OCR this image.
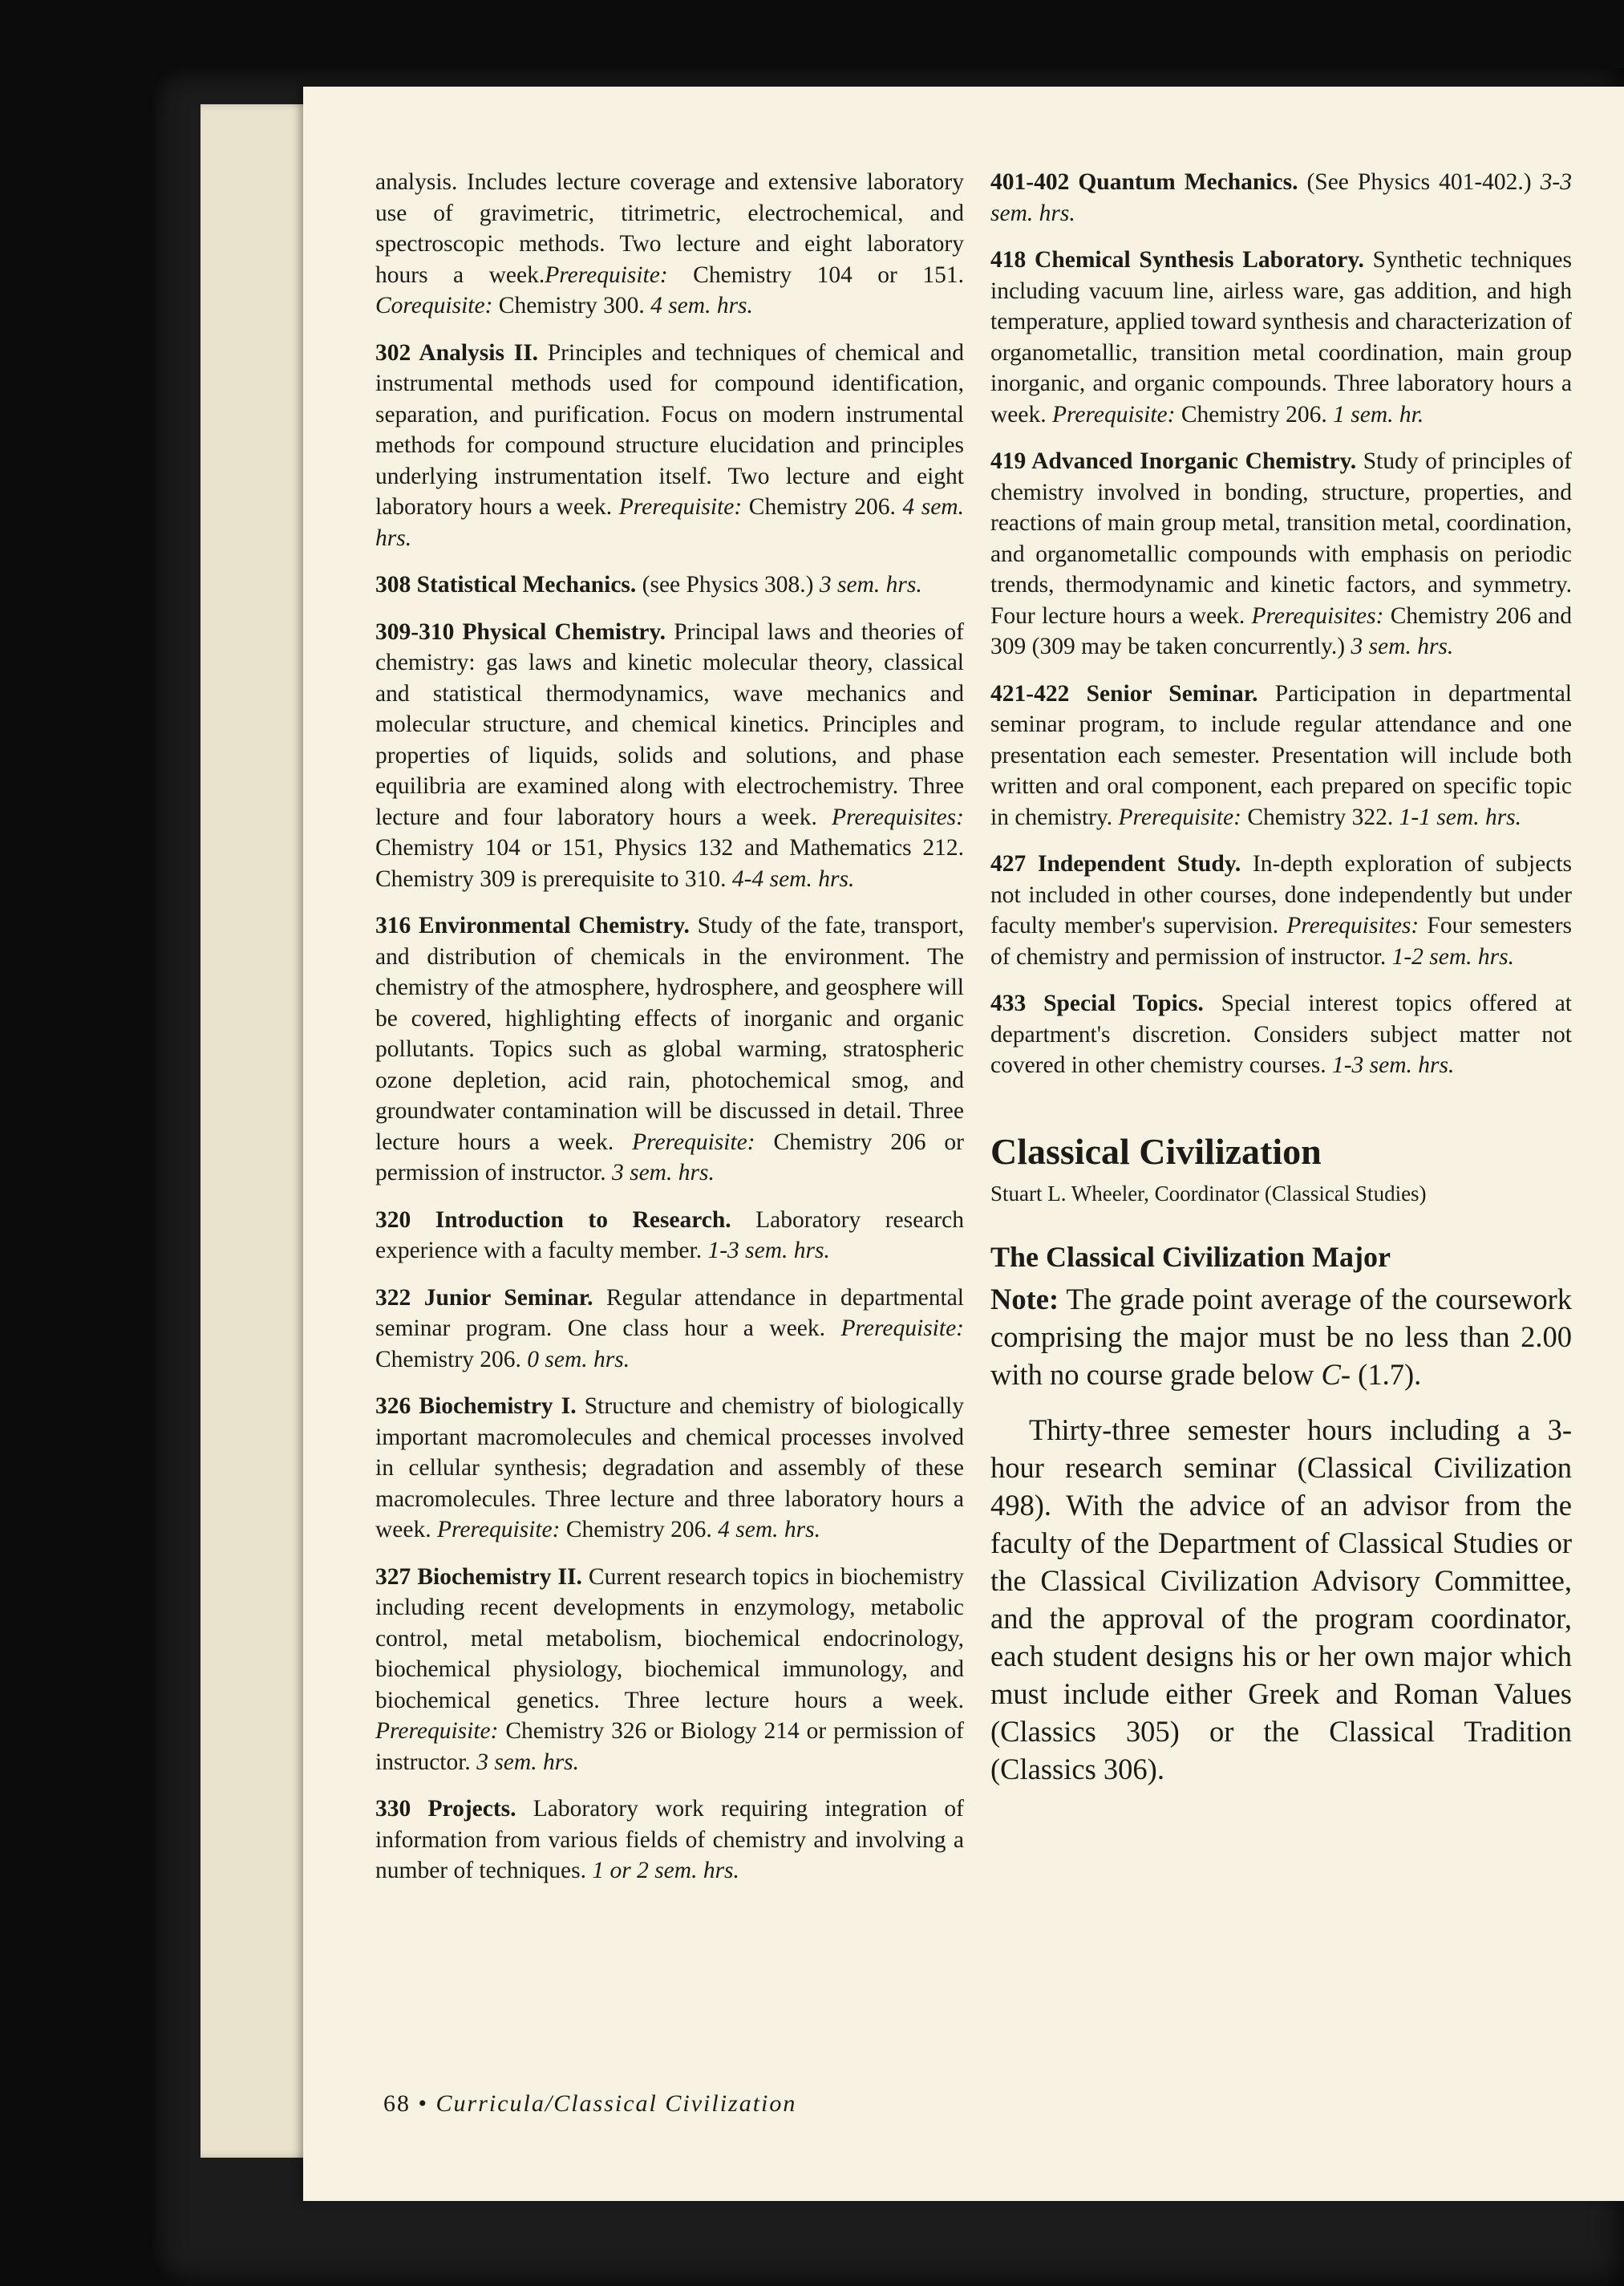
analysis. Includes lecture coverage and extensive laboratory use of gravimetric, titrimetric, electrochemical, and spectroscopic methods. Two lecture and eight laboratory hours a week.Prerequisite: Chemistry 104 or 151. Corequisite: Chemistry 300. 4 sem. hrs.

302 Analysis II. Principles and techniques of chemical and instrumental methods used for compound identification, separation, and purification. Focus on modern instrumental methods for compound structure elucidation and principles underlying instrumentation itself. Two lecture and eight laboratory hours a week. Prerequisite: Chemistry 206. 4 sem. hrs.

308 Statistical Mechanics. (see Physics 308.) 3 sem. hrs.

309-310 Physical Chemistry. Principal laws and theories of chemistry: gas laws and kinetic molecular theory, classical and statistical thermodynamics, wave mechanics and molecular structure, and chemical kinetics. Principles and properties of liquids, solids and solutions, and phase equilibria are examined along with electrochemistry. Three lecture and four laboratory hours a week. Prerequisites: Chemistry 104 or 151, Physics 132 and Mathematics 212. Chemistry 309 is prerequisite to 310. 4-4 sem. hrs.

316 Environmental Chemistry. Study of the fate, transport, and distribution of chemicals in the environment. The chemistry of the atmosphere, hydrosphere, and geosphere will be covered, highlighting effects of inorganic and organic pollutants. Topics such as global warming, stratospheric ozone depletion, acid rain, photochemical smog, and groundwater contamination will be discussed in detail. Three lecture hours a week. Prerequisite: Chemistry 206 or permission of instructor. 3 sem. hrs.

320 Introduction to Research. Laboratory research experience with a faculty member. 1-3 sem. hrs.

322 Junior Seminar. Regular attendance in departmental seminar program. One class hour a week. Prerequisite: Chemistry 206. 0 sem. hrs.

326 Biochemistry I. Structure and chemistry of biologically important macromolecules and chemical processes involved in cellular synthesis; degradation and assembly of these macromolecules. Three lecture and three laboratory hours a week. Prerequisite: Chemistry 206. 4 sem. hrs.

327 Biochemistry II. Current research topics in biochemistry including recent developments in enzymology, metabolic control, metal metabolism, biochemical endocrinology, biochemical physiology, biochemical immunology, and biochemical genetics. Three lecture hours a week. Prerequisite: Chemistry 326 or Biology 214 or permission of instructor. 3 sem. hrs.

330 Projects. Laboratory work requiring integration of information from various fields of chemistry and involving a number of techniques. 1 or 2 sem. hrs.

401-402 Quantum Mechanics. (See Physics 401-402.) 3-3 sem. hrs.

418 Chemical Synthesis Laboratory. Synthetic techniques including vacuum line, airless ware, gas addition, and high temperature, applied toward synthesis and characterization of organometallic, transition metal coordination, main group inorganic, and organic compounds. Three laboratory hours a week. Prerequisite: Chemistry 206. 1 sem. hr.

419 Advanced Inorganic Chemistry. Study of principles of chemistry involved in bonding, structure, properties, and reactions of main group metal, transition metal, coordination, and organometallic compounds with emphasis on periodic trends, thermodynamic and kinetic factors, and symmetry. Four lecture hours a week. Prerequisites: Chemistry 206 and 309 (309 may be taken concurrently.) 3 sem. hrs.

421-422 Senior Seminar. Participation in departmental seminar program, to include regular attendance and one presentation each semester. Presentation will include both written and oral component, each prepared on specific topic in chemistry. Prerequisite: Chemistry 322. 1-1 sem. hrs.

427 Independent Study. In-depth exploration of subjects not included in other courses, done independently but under faculty member's supervision. Prerequisites: Four semesters of chemistry and permission of instructor. 1-2 sem. hrs.

433 Special Topics. Special interest topics offered at department's discretion. Considers subject matter not covered in other chemistry courses. 1-3 sem. hrs.

Classical Civilization
Stuart L. Wheeler, Coordinator (Classical Studies)
The Classical Civilization Major

Note: The grade point average of the coursework comprising the major must be no less than 2.00 with no course grade below C- (1.7).

Thirty-three semester hours including a 3-hour research seminar (Classical Civilization 498). With the advice of an advisor from the faculty of the Department of Classical Studies or the Classical Civilization Advisory Committee, and the approval of the program coordinator, each student designs his or her own major which must include either Greek and Roman Values (Classics 305) or the Classical Tradition (Classics 306).

68 • Curricula/Classical Civilization
